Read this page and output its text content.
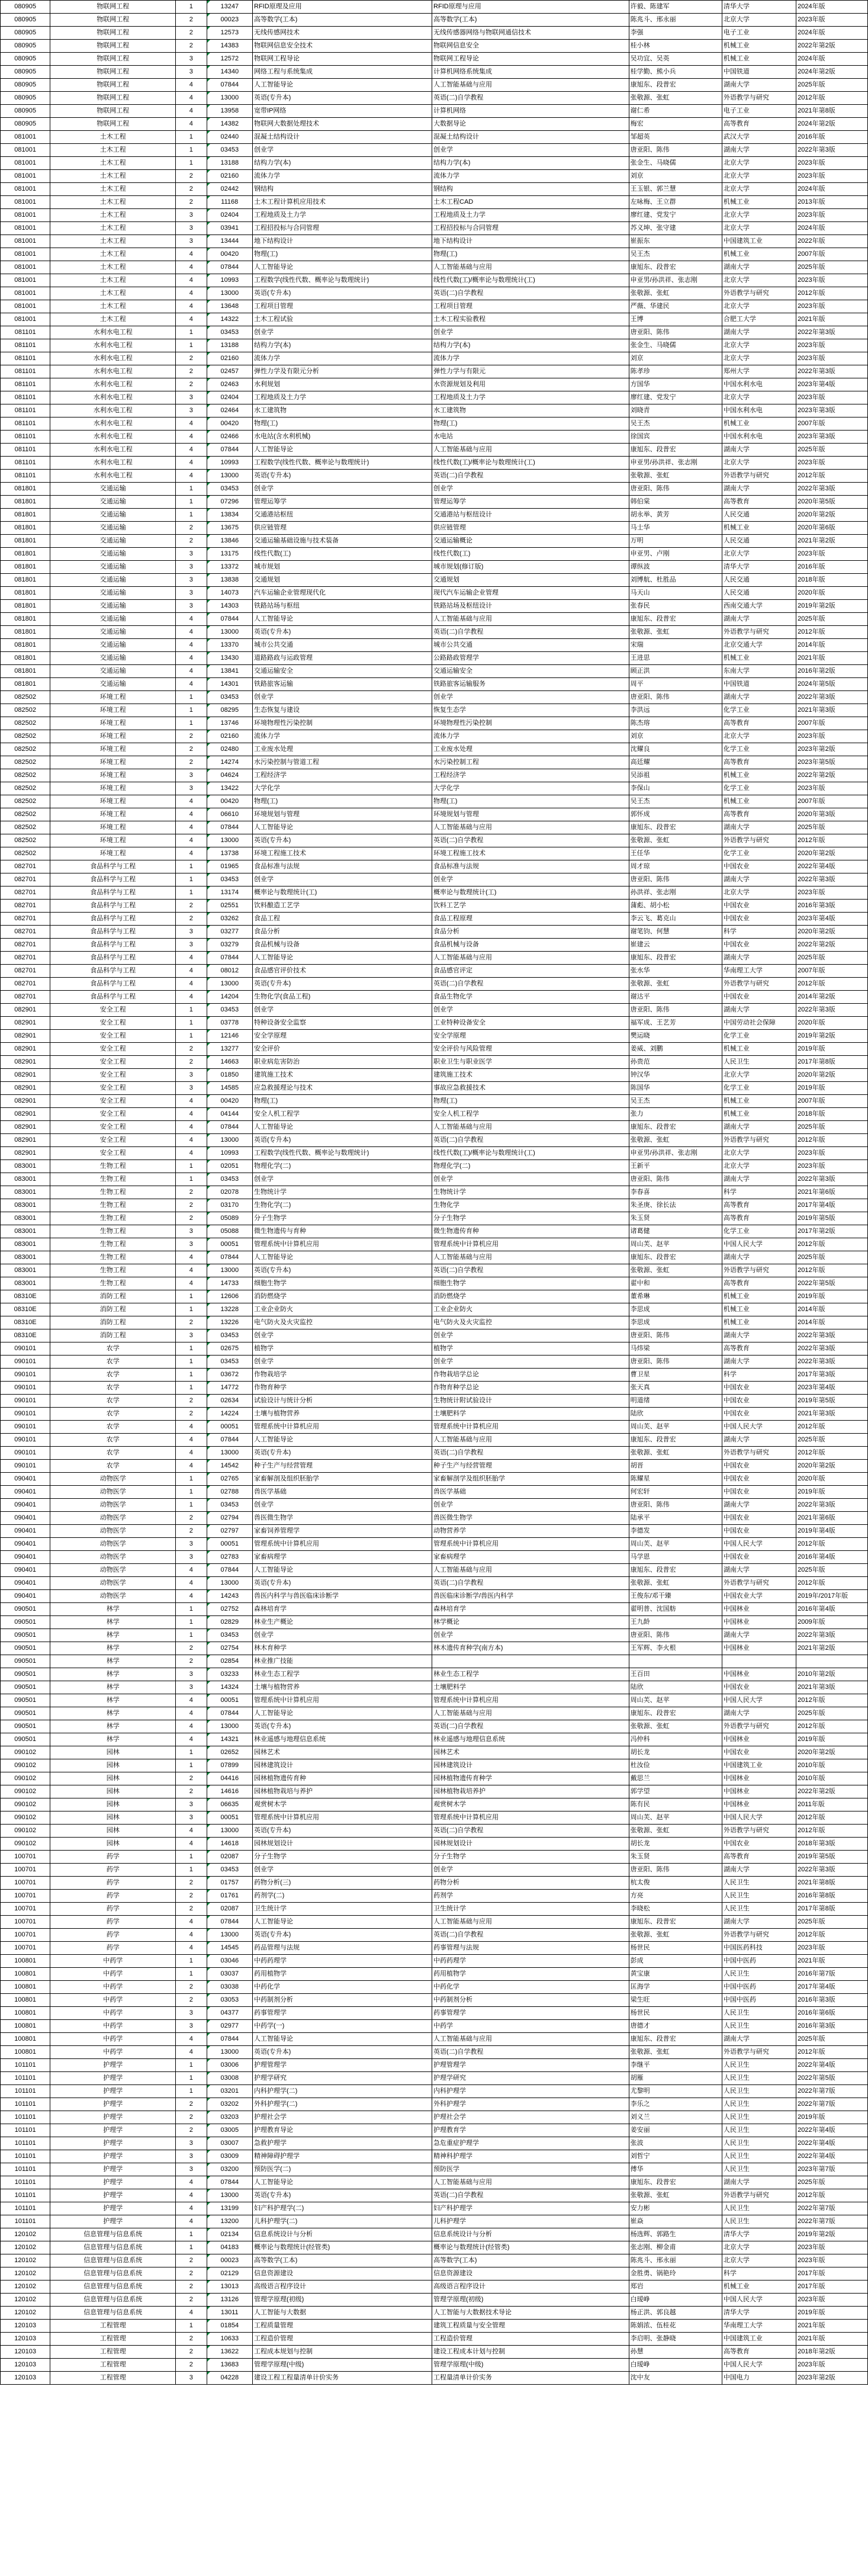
080905	物联网工程	1	13247	RFID原理及应用	RFID原理与应用	许毅、陈建军	清华大学	2024年版
080905	物联网工程	2	00023	高等数学(工本)	高等数学(工本)	陈兆斗、邢永丽	北京大学	2023年版
080905	物联网工程	2	12573	无线传感网技术	无线传感器网络与物联网通信技术	李强	电子工业	2024年版
080905	物联网工程	2	14383	物联网信息安全技术	物联网信息安全	桂小林	机械工业	2022年第2版
080905	物联网工程	3	12572	物联网工程导论	物联网工程导论	吴功宜、吴英	机械工业	2024年版
080905	物联网工程	3	14340	网络工程与系统集成	计算机网络系统集成	桂学勤、熊小兵	中国铁道	2024年第2版
080905	物联网工程	4	07844	人工智能导论	人工智能基础与应用	康旭东、段普宏	湖南大学	2025年版
080905	物联网工程	4	13000	英语(专升本)	英语(二)自学教程	张敬源、张虹	外语教学与研究	2012年版
080905	物联网工程	4	13958	宽带IP网络	计算机网络	谢仁希	电子工业	2021年第8版
080905	物联网工程	4	14382	物联网大数据处理技术	大数据导论	梅宏	高等教育	2024年第2版
081001	土木工程	1	02440	混凝土结构设计	混凝土结构设计	邹超英	武汉大学	2016年版
081001	土木工程	1	03453	创业学	创业学	唐亚阳、陈伟	湖南大学	2022年第3版
081001	土木工程	1	13188	结构力学(本)	结构力学(本)	张金生、马晓儒	北京大学	2023年版
081001	土木工程	2	02160	流体力学	流体力学	刘京	北京大学	2023年版
081001	土木工程	2	02442	钢结构	钢结构	王玉银、郭兰慧	北京大学	2024年版
081001	土木工程	2	11168	土木工程计算机应用技术	土木工程CAD	左咏梅、王立群	机械工业	2013年版
081001	土木工程	3	02404	工程地质及土力学	工程地质及土力学	廖红建、党发宁	北京大学	2023年版
081001	土木工程	3	03941	工程招投标与合同管理	工程招投标与合同管理	苏义坤、张守建	北京大学	2024年版
081001	土木工程	3	13444	地下结构设计	地下结构设计	崔振东	中国建筑工业	2022年版
081001	土木工程	4	00420	物理(工)	物理(工)	吴王杰	机械工业	2007年版
081001	土木工程	4	07844	人工智能导论	人工智能基础与应用	康旭东、段普宏	湖南大学	2025年版
081001	土木工程	4	10993	工程数学(线性代数、概率论与数理统计)	线性代数(工)/概率论与数理统计(工)	申亚男/孙洪祥、张志刚	北京大学	2023年版
081001	土木工程	4	13000	英语(专升本)	英语(二)自学教程	张敬源、张虹	外语教学与研究	2012年版
081001	土木工程	4	13648	工程项目管理	工程项目管理	严薇、华建民	北京大学	2023年版
081001	土木工程	4	14322	土木工程试验	土木工程实验教程	王博	合肥工大学	2021年版
081101	水利水电工程	1	03453	创业学	创业学	唐亚阳、陈伟	湖南大学	2022年第3版
081101	水利水电工程	1	13188	结构力学(本)	结构力学(本)	张金生、马晓儒	北京大学	2023年版
081101	水利水电工程	2	02160	流体力学	流体力学	刘京	北京大学	2023年版
081101	水利水电工程	2	02457	弹性力学及有限元分析	弹性力学与有限元	陈孝珍	郑州大学	2022年第3版
081101	水利水电工程	2	02463	水利规划	水资源规划及利用	方国华	中国水利水电	2023年第4版
081101	水利水电工程	3	02404	工程地质及土力学	工程地质及土力学	廖红建、党发宁	北京大学	2023年版
081101	水利水电工程	3	02464	水工建筑物	水工建筑物	刘晓青	中国水利水电	2023年第3版
081101	水利水电工程	4	00420	物理(工)	物理(工)	吴王杰	机械工业	2007年版
081101	水利水电工程	4	02466	水电站(含水利机械)	水电站	徐国宾	中国水利水电	2023年第3版
081101	水利水电工程	4	07844	人工智能导论	人工智能基础与应用	康旭东、段普宏	湖南大学	2025年版
081101	水利水电工程	4	10993	工程数学(线性代数、概率论与数理统计)	线性代数(工)/概率论与数理统计(工)	申亚男/孙洪祥、张志刚	北京大学	2023年版
081101	水利水电工程	4	13000	英语(专升本)	英语(二)自学教程	张敬源、张虹	外语教学与研究	2012年版
081801	交通运输	1	03453	创业学	创业学	唐亚阳、陈伟	湖南大学	2022年第3版
081801	交通运输	1	07296	管理运筹学	管理运筹学	韩伯棠	高等教育	2020年第5版
081801	交通运输	1	13834	交通港站枢纽	交通港站与枢纽设计	胡永举、黄芳	人民交通	2020年第2版
081801	交通运输	2	13675	供应链管理	供应链管理	马士华	机械工业	2020年第6版
081801	交通运输	2	13846	交通运输基础设施与技术装备	交通运输概论	万明	人民交通	2021年第2版
081801	交通运输	3	13175	线性代数(工)	线性代数(工)	申亚男、卢刚	北京大学	2023年版
081801	交通运输	3	13372	城市规划	城市规划(修订版)	谭纵波	清华大学	2016年版
081801	交通运输	3	13838	交通规划	交通规划	刘博航、杜胜品	人民交通	2018年版
081801	交通运输	3	14073	汽车运输企业管理现代化	现代汽车运输企业管理	马天山	人民交通	2020年版
081801	交通运输	3	14303	铁路站场与枢纽	铁路站场及枢纽设计	张春民	西南交通大学	2019年第2版
081801	交通运输	4	07844	人工智能导论	人工智能基础与应用	康旭东、段普宏	湖南大学	2025年版
081801	交通运输	4	13000	英语(专升本)	英语(二)自学教程	张敬源、张虹	外语教学与研究	2012年版
081801	交通运输	4	13370	城市公共交通	城市公共交通	宋瑞	北京交通大学	2014年版
081801	交通运输	4	13430	道路路政与运政管理	公路路政管理学	王进思	机械工业	2021年版
081801	交通运输	4	13841	交通运输安全	交通运输安全	顾正洪	东南大学	2016年第2版
081801	交通运输	4	14301	铁路旅客运输	铁路旅客运输服务	周平	中国铁道	2024年第5版
082502	环境工程	1	03453	创业学	创业学	唐亚阳、陈伟	湖南大学	2022年第3版
082502	环境工程	1	08295	生态恢复与建设	恢复生态学	李洪远	化学工业	2021年第3版
082502	环境工程	1	13746	环境物理性污染控制	环境物理性污染控制	陈杰瑢	高等教育	2007年版
082502	环境工程	2	02160	流体力学	流体力学	刘京	北京大学	2023年版
082502	环境工程	2	02480	工业废水处理	工业废水处理	沈耀良	化学工业	2023年第2版
082502	环境工程	2	14274	水污染控制与管道工程	水污染控制工程	高廷耀	高等教育	2023年第5版
082502	环境工程	3	04624	工程经济学	工程经济学	吴添祖	机械工业	2022年第2版
082502	环境工程	3	13422	大学化学	大学化学	李保山	化学工业	2023年版
082502	环境工程	4	00420	物理(工)	物理(工)	吴王杰	机械工业	2007年版
082502	环境工程	4	06610	环境规划与管理	环境规划与管理	郭怀成	高等教育	2020年第3版
082502	环境工程	4	07844	人工智能导论	人工智能基础与应用	康旭东、段普宏	湖南大学	2025年版
082502	环境工程	4	13000	英语(专升本)	英语(二)自学教程	张敬源、张虹	外语教学与研究	2012年版
082502	环境工程	4	13738	环境工程施工技术	环境工程施工技术	王任华	化学工业	2020年第2版
082701	食品科学与工程	1	01965	食品标准与法规	食品标准与法规	周才琼	中国农业	2022年第4版
082701	食品科学与工程	1	03453	创业学	创业学	唐亚阳、陈伟	湖南大学	2022年第3版
082701	食品科学与工程	1	13174	概率论与数理统计(工)	概率论与数理统计(工)	孙洪祥、张志刚	北京大学	2023年版
082701	食品科学与工程	2	02551	饮料酿造工艺学	饮料工艺学	蒲彪、胡小松	中国农业	2016年第3版
082701	食品科学与工程	2	03262	食品工程	食品工程原理	李云飞、葛克山	中国农业	2023年第4版
082701	食品科学与工程	3	03277	食品分析	食品分析	谢笔钧、何慧	科学	2020年第2版
082701	食品科学与工程	3	03279	食品机械与设备	食品机械与设备	崔建云	中国农业	2022年第2版
082701	食品科学与工程	4	07844	人工智能导论	人工智能基础与应用	康旭东、段普宏	湖南大学	2025年版
082701	食品科学与工程	4	08012	食品感官评价技术	食品感官评定	张水华	华南理工大学	2007年版
082701	食品科学与工程	4	13000	英语(专升本)	英语(二)自学教程	张敬源、张虹	外语教学与研究	2012年版
082701	食品科学与工程	4	14204	生物化学(食品工程)	食品生物化学	谢达平	中国农业	2014年第2版
082901	安全工程	1	03453	创业学	创业学	唐亚阳、陈伟	湖南大学	2022年第3版
082901	安全工程	1	03778	特种设备安全监察	工业特种设备安全	福军成、王艺芳	中国劳动社会保障	2020年版
082901	安全工程	1	12146	安全学原理	安全学原理	樊运晓	化学工业	2019年第2版
082901	安全工程	2	13277	安全评价	安全评价与风险管理	姜威、刘鹏	机械工业	2019年版
082901	安全工程	2	14663	职业病危害防治	职业卫生与职业医学	孙贵范	人民卫生	2017年第8版
082901	安全工程	3	01850	建筑施工技术	建筑施工技术	钟汉华	北京大学	2020年第2版
082901	安全工程	3	14585	应急救援理论与技术	事故应急救援技术	陈国华	化学工业	2019年版
082901	安全工程	4	00420	物理(工)	物理(工)	吴王杰	机械工业	2007年版
082901	安全工程	4	04144	安全人机工程学	安全人机工程学	张力	机械工业	2018年版
082901	安全工程	4	07844	人工智能导论	人工智能基础与应用	康旭东、段普宏	湖南大学	2025年版
082901	安全工程	4	13000	英语(专升本)	英语(二)自学教程	张敬源、张虹	外语教学与研究	2012年版
082901	安全工程	4	10993	工程数学(线性代数、概率论与数理统计)	线性代数(工)/概率论与数理统计(工)	申亚男/孙洪祥、张志刚	北京大学	2023年版
083001	生物工程	1	02051	物理化学(二)	物理化学(二)	王新平	北京大学	2023年版
083001	生物工程	1	03453	创业学	创业学	唐亚阳、陈伟	湖南大学	2022年第3版
083001	生物工程	2	02078	生物统计学	生物统计学	李春喜	科学	2021年第6版
083001	生物工程	2	03170	生物化学(二)	生物化学	朱圣庚、徐长法	高等教育	2017年第4版
083001	生物工程	2	05089	分子生物学	分子生物学	朱玉贤	高等教育	2019年第5版
083001	生物工程	3	05088	微生物遗传与育种	微生物遗传育种	诸葛健	化学工业	2017年第2版
083001	生物工程	3	00051	管理系统中计算机应用	管理系统中计算机应用	周山芙、赵苹	中国人民大学	2012年版
083001	生物工程	4	07844	人工智能导论	人工智能基础与应用	康旭东、段普宏	湖南大学	2025年版
083001	生物工程	4	13000	英语(专升本)	英语(二)自学教程	张敬源、张虹	外语教学与研究	2012年版
083001	生物工程	4	14733	细胞生物学	细胞生物学	翟中和	高等教育	2022年第5版
08310E	消防工程	1	12606	消防燃烧学	消防燃烧学	董希琳	机械工业	2019年版
08310E	消防工程	1	13228	工业企业防火	工业企业防火	李思成	机械工业	2014年版
08310E	消防工程	2	13226	电气防火及火灾监控	电气防火及火灾监控	李思成	机械工业	2014年版
08310E	消防工程	3	03453	创业学	创业学	唐亚阳、陈伟	湖南大学	2022年第3版
090101	农学	1	02675	植物学	植物学	马炜梁	高等教育	2022年第3版
090101	农学	1	03453	创业学	创业学	唐亚阳、陈伟	湖南大学	2022年第3版
090101	农学	1	03672	作物栽培学	作物栽培学总论	曹卫星	科学	2017年第3版
090101	农学	1	14772	作物育种学	作物育种学总论	张天真	中国农业	2023年第4版
090101	农学	2	02634	试验设计与统计分析	生物统计附试验设计	明道绪	中国农业	2019年第5版
090101	农学	2	14224	土壤与植物营养	土壤肥料学	陆欣	中国农业	2021年第3版
090101	农学	4	00051	管理系统中计算机应用	管理系统中计算机应用	周山芙、赵苹	中国人民大学	2012年版
090101	农学	4	07844	人工智能导论	人工智能基础与应用	康旭东、段普宏	湖南大学	2025年版
090101	农学	4	13000	英语(专升本)	英语(二)自学教程	张敬源、张虹	外语教学与研究	2012年版
090101	农学	4	14542	种子生产与经营管理	种子生产与经营管理	胡晋	中国农业	2020年第2版
090401	动物医学	1	02765	家畜解剖及组织胚胎学	家畜解剖学及组织胚胎学	陈耀星	中国农业	2020年版
090401	动物医学	1	02788	兽医学基础	兽医学基础	何宏轩	中国农业	2019年版
090401	动物医学	1	03453	创业学	创业学	唐亚阳、陈伟	湖南大学	2022年第3版
090401	动物医学	2	02794	兽医微生物学	兽医微生物学	陆承平	中国农业	2021年第6版
090401	动物医学	2	02797	家畜饲养管理学	动物营养学	李德发	中国农业	2019年第4版
090401	动物医学	3	00051	管理系统中计算机应用	管理系统中计算机应用	周山芙、赵苹	中国人民大学	2012年版
090401	动物医学	3	02783	家畜病理学	家畜病理学	马学恩	中国农业	2016年第4版
090401	动物医学	4	07844	人工智能导论	人工智能基础与应用	康旭东、段普宏	湖南大学	2025年版
090401	动物医学	4	13000	英语(专升本)	英语(二)自学教程	张敬源、张虹	外语教学与研究	2012年版
090401	动物医学	4	14243	兽医内科学与兽医临床诊断学	兽医临床诊断学/兽医内科学	王俊东/邓干臻	中国农业大学	2019年/2017年版
090501	林学	1	02752	森林培育学	森林培育学	翟明普、沈国舫	中国林业	2016年第4版
090501	林学	1	02829	林业生产概论	林学概论	王九龄	中国林业	2009年版
090501	林学	1	03453	创业学	创业学	唐亚阳、陈伟	湖南大学	2022年第3版
090501	林学	2	02754	林木育种学	林木遗传育种学(南方本)	王军辉、李火根	中国林业	2021年第2版
090501	林学	2	02854	林业推广技能				
090501	林学	3	03233	林业生态工程学	林业生态工程学	王百田	中国林业	2010年第2版
090501	林学	3	14324	土壤与植物营养	土壤肥料学	陆欣	中国农业	2021年第3版
090501	林学	4	00051	管理系统中计算机应用	管理系统中计算机应用	周山芙、赵苹	中国人民大学	2012年版
090501	林学	4	07844	人工智能导论	人工智能基础与应用	康旭东、段普宏	湖南大学	2025年版
090501	林学	4	13000	英语(专升本)	英语(二)自学教程	张敬源、张虹	外语教学与研究	2012年版
090501	林学	4	14321	林业遥感与地理信息系统	林业遥感与地理信息系统	冯仲科	中国林业	2019年版
090102	园林	1	02652	园林艺术	园林艺术	胡长龙	中国农业	2020年第2版
090102	园林	1	07899	园林建筑设计	园林建筑设计	杜汝俭	中国建筑工业	2010年版
090102	园林	2	04416	园林植物遗传育种	园林植物遗传育种学	戴思兰	中国林业	2010年版
090102	园林	2	14616	园林植物栽培与养护	园林植物栽培养护	郭学望	中国林业	2022年第2版
090102	园林	3	06635	观赏树木学	观赏树木学	陈有民	中国林业	2011年版
090102	园林	3	00051	管理系统中计算机应用	管理系统中计算机应用	周山芙、赵苹	中国人民大学	2012年版
090102	园林	4	13000	英语(专升本)	英语(二)自学教程	张敬源、张虹	外语教学与研究	2012年版
090102	园林	4	14618	园林规划设计	园林规划设计	胡长龙	中国农业	2018年第3版
100701	药学	1	02087	分子生物学	分子生物学	朱玉贤	高等教育	2019年第5版
100701	药学	1	03453	创业学	创业学	唐亚阳、陈伟	湖南大学	2022年第3版
100701	药学	2	01757	药物分析(三)	药物分析	杭太俊	人民卫生	2021年第8版
100701	药学	2	01761	药剂学(二)	药剂学	方亮	人民卫生	2016年第8版
100701	药学	2	02087	卫生统计学	卫生统计学	李晓松	人民卫生	2017年第8版
100701	药学	4	07844	人工智能导论	人工智能基础与应用	康旭东、段普宏	湖南大学	2025年版
100701	药学	4	13000	英语(专升本)	英语(二)自学教程	张敬源、张虹	外语教学与研究	2012年版
100701	药学	4	14545	药品管理与法规	药事管理与法规	杨世民	中国医药科技	2023年版
100801	中药学	1	03046	中药药理学	中药药理学	彭成	中国中医药	2021年版
100801	中药学	1	03037	药用植物学	药用植物学	黄宝康	人民卫生	2016年第7版
100801	中药学	2	03038	中药化学	中药化学	匡海学	中国中医药	2017年第4版
100801	中药学	2	03053	中药制剂分析	中药制剂分析	梁生旺	中国中医药	2016年第3版
100801	中药学	3	04377	药事管理学	药事管理学	杨世民	人民卫生	2016年第6版
100801	中药学	3	02977	中药学(一)	中药学	唐德才	人民卫生	2016年第3版
100801	中药学	4	07844	人工智能导论	人工智能基础与应用	康旭东、段普宏	湖南大学	2025年版
100801	中药学	4	13000	英语(专升本)	英语(二)自学教程	张敬源、张虹	外语教学与研究	2012年版
101101	护理学	1	03006	护理管理学	护理管理学	李继平	人民卫生	2022年第4版
101101	护理学	1	03008	护理学研究	护理学研究	胡雁	人民卫生	2022年第5版
101101	护理学	1	03201	内科护理学(二)	内科护理学	尤黎明	人民卫生	2022年第7版
101101	护理学	2	03202	外科护理学(二)	外科护理学	李乐之	人民卫生	2022年第7版
101101	护理学	2	03203	护理社会学	护理社会学	刘义兰	人民卫生	2019年版
101101	护理学	2	03005	护理教育导论	护理教育学	姜安丽	人民卫生	2022年第4版
101101	护理学	3	03007	急救护理学	急危重症护理学	张波	人民卫生	2022年第4版
101101	护理学	3	03009	精神障碍护理学	精神科护理学	刘哲宁	人民卫生	2022年第4版
101101	护理学	3	03200	预防医学(二)	预防医学	傅华	人民卫生	2023年第7版
101101	护理学	4	07844	人工智能导论	人工智能基础与应用	康旭东、段普宏	湖南大学	2025年版
101101	护理学	4	13000	英语(专升本)	英语(二)自学教程	张敬源、张虹	外语教学与研究	2012年版
101101	护理学	4	13199	妇产科护理学(二)	妇产科护理学	安力彬	人民卫生	2022年第7版
101101	护理学	4	13200	儿科护理学(二)	儿科护理学	崔焱	人民卫生	2022年第7版
120102	信息管理与信息系统	1	02134	信息系统设计与分析	信息系统设计与分析	杨选辉、郭路生	清华大学	2019年第2版
120102	信息管理与信息系统	1	04183	概率论与数理统计(经管类)	概率论与数理统计(经管类)	张志刚、柳金甫	北京大学	2023年版
120102	信息管理与信息系统	2	00023	高等数学(工本)	高等数学(工本)	陈兆斗、邢永丽	北京大学	2023年版
120102	信息管理与信息系统	2	02129	信息资源建设	信息资源建设	金胜勇、锅艳玲	科学	2017年版
120102	信息管理与信息系统	2	13013	高级语言程序设计	高级语言程序设计	郑岩	机械工业	2017年版
120102	信息管理与信息系统	2	13126	管理学原理(初级)	管理学原理(初级)	白瑷峥	中国人民大学	2023年版
120102	信息管理与信息系统	4	13011	人工智能与大数据	人工智能与大数据技术导论	杨正洪、郭良越	清华大学	2019年版
120103	工程管理	1	01854	工程质量管理	建筑工程质量与安全管理	陈娟浓、伍桂花	华南理工大学	2021年版
120103	工程管理	2	10633	工程造价管理	工程造价管理	李启明、张静晓	中国建筑工业	2021年版
120103	工程管理	2	13622	工程成本规划与控制	建设工程成本计划与控制	孙慧	高等教育	2018年第2版
120103	工程管理	2	13683	管理学原理(中级)	管理学原理(中级)	白瑷峥	中国人民大学	2023年版
120103	工程管理	3	04228	建设工程工程量清单计价实务	工程量清单计价实务	沈中友	中国电力	2023年第2版
